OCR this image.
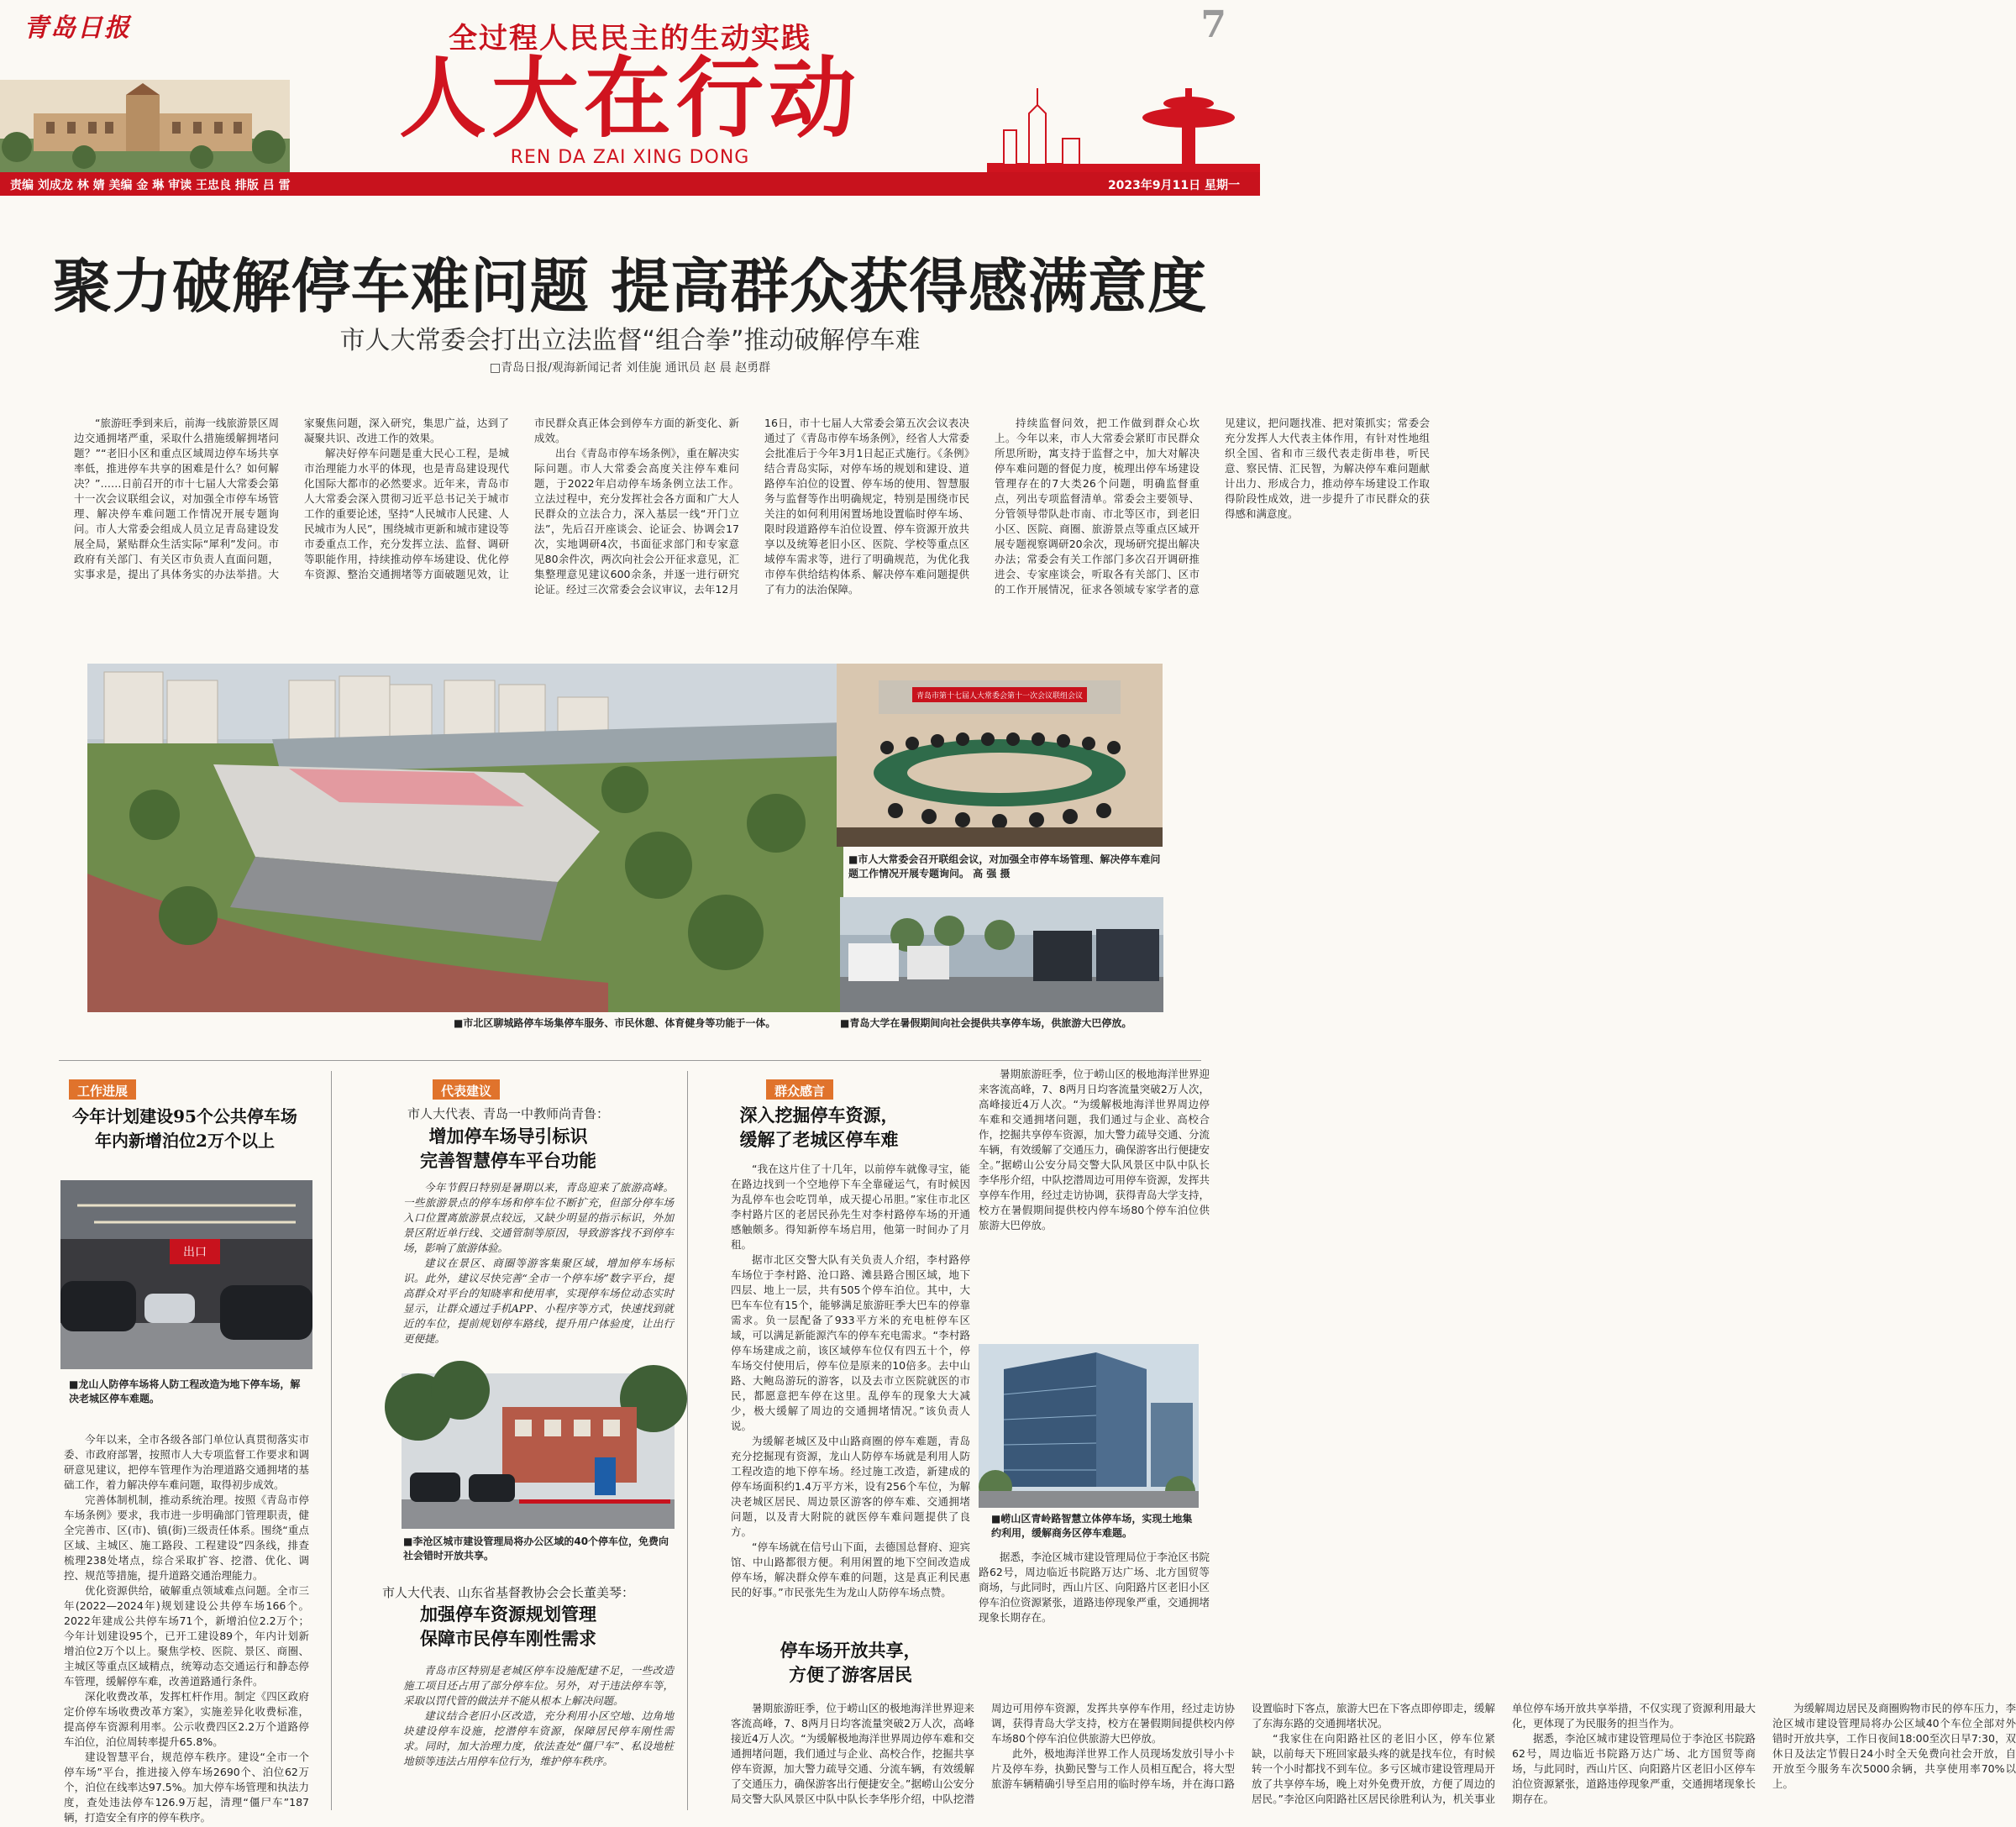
青岛日报	7
全过程人民民主的生动实践
人大在行动
REN DA ZAI XING DONG
责编 刘成龙 林 婧 美编 金 琳 审读 王忠良 排版 吕 雷	2023年9月11日 星期一
聚力破解停车难问题 提高群众获得感满意度
市人大常委会打出立法监督“组合拳”推动破解停车难
□青岛日报/观海新闻记者 刘佳旎 通讯员 赵 晨 赵勇群

“旅游旺季到来后，前海一线旅游景区周边交通拥堵严重，采取什么措施缓解拥堵问题？”“老旧小区和重点区域周边停车场共享率低，推进停车共享的困难是什么？如何解决？”……日前召开的市十七届人大常委会第十一次会议联组会议，对加强全市停车场管理、解决停车难问题工作情况开展专题询问。市人大常委会组成人员立足青岛建设发展全局，紧贴群众生活实际“犀利”发问。市政府有关部门、有关区市负责人直面问题，实事求是，提出了具体务实的办法举措。大家聚焦问题，深入研究，集思广益，达到了凝聚共识、改进工作的效果。

解决好停车问题是重大民心工程，是城市治理能力水平的体现，也是青岛建设现代化国际大都市的必然要求。近年来，青岛市人大常委会深入贯彻习近平总书记关于城市工作的重要论述，坚持“人民城市人民建、人民城市为人民”，围绕城市更新和城市建设等市委重点工作，充分发挥立法、监督、调研等职能作用，持续推动停车场建设、优化停车资源、整治交通拥堵等方面破题见效，让市民群众真正体会到停车方面的新变化、新成效。

出台《青岛市停车场条例》，重在解决实际问题。市人大常委会高度关注停车难问题，于2022年启动停车场条例立法工作。立法过程中，充分发挥社会各方面和广大人民群众的立法合力，深入基层一线“开门立法”，先后召开座谈会、论证会、协调会17次，实地调研4次，书面征求部门和专家意见80余件次，两次向社会公开征求意见，汇集整理意见建议600余条，并逐一进行研究论证。经过三次常委会会议审议，去年12月16日，市十七届人大常委会第五次会议表决通过了《青岛市停车场条例》，经省人大常委会批准后于今年3月1日起正式施行。《条例》结合青岛实际，对停车场的规划和建设、道路停车泊位的设置、停车场的使用、智慧服务与监督等作出明确规定，特别是围绕市民关注的如何利用闲置场地设置临时停车场、限时段道路停车泊位设置、停车资源开放共享以及统筹老旧小区、医院、学校等重点区域停车需求等，进行了明确规范，为优化我市停车供给结构体系、解决停车难问题提供了有力的法治保障。

持续监督问效，把工作做到群众心坎上。今年以来，市人大常委会紧盯市民群众所思所盼，寓支持于监督之中，加大对解决停车难问题的督促力度，梳理出停车场建设管理存在的7大类26个问题，明确监督重点，列出专项监督清单。常委会主要领导、分管领导带队赴市南、市北等区市，到老旧小区、医院、商圈、旅游景点等重点区域开展专题视察调研20余次，现场研究提出解决办法；常委会有关工作部门多次召开调研推进会、专家座谈会，听取各有关部门、区市的工作开展情况，征求各领域专家学者的意见建议，把问题找准、把对策抓实；常委会充分发挥人大代表主体作用，有针对性地组织全国、省和市三级代表走街串巷，听民意、察民情、汇民智，为解决停车难问题献计出力、形成合力，推动停车场建设工作取得阶段性成效，进一步提升了市民群众的获得感和满意度。

■市北区聊城路停车场集停车服务、市民休憩、体育健身等功能于一体。
青岛市第十七届人大常委会第十一次会议联组会议
■市人大常委会召开联组会议，对加强全市停车场管理、解决停车难问题工作情况开展专题询问。 高 强 摄
■青岛大学在暑假期间向社会提供共享停车场，供旅游大巴停放。
工作进展
今年计划建设95个公共停车场
年内新增泊位2万个以上
出口
■龙山人防停车场将人防工程改造为地下停车场，解决老城区停车难题。

今年以来，全市各级各部门单位认真贯彻落实市委、市政府部署，按照市人大专项监督工作要求和调研意见建议，把停车管理作为治理道路交通拥堵的基础工作，着力解决停车难问题，取得初步成效。

完善体制机制，推动系统治理。按照《青岛市停车场条例》要求，我市进一步明确部门管理职责，健全完善市、区(市)、镇(街)三级责任体系。围绕“重点区域、主城区、施工路段、工程建设”四条线，排查梳理238处堵点，综合采取扩容、挖潜、优化、调控、规范等措施，提升道路交通治理能力。

优化资源供给，破解重点领域难点问题。全市三年(2022—2024年)规划建设公共停车场166个。2022年建成公共停车场71个，新增泊位2.2万个；今年计划建设95个，已开工建设89个，年内计划新增泊位2万个以上。聚焦学校、医院、景区、商圈、主城区等重点区域精点，统筹动态交通运行和静态停车管理，缓解停车难，改善道路通行条件。

深化收费改革，发挥杠杆作用。制定《四区政府定价停车场收费改革方案》，实施差异化收费标准，提高停车资源利用率。公示收费四区2.2万个道路停车泊位，泊位周转率提升65.8%。

建设智慧平台，规范停车秩序。建设“全市一个停车场”平台，推进接入停车场2690个、泊位62万个，泊位在线率达97.5%。加大停车场管理和执法力度，查处违法停车126.9万起，清理“僵尸车”187辆，打造安全有序的停车秩序。

代表建议
市人大代表、青岛一中教师尚青鲁：
增加停车场导引标识
完善智慧停车平台功能

今年节假日特别是暑期以来，青岛迎来了旅游高峰。一些旅游景点的停车场和停车位不断扩充，但部分停车场入口位置离旅游景点较远，又缺少明显的指示标识，外加景区附近单行线、交通管制等原因，导致游客找不到停车场，影响了旅游体验。

建议在景区、商圈等游客集聚区域，增加停车场标识。此外，建议尽快完善“全市一个停车场”数字平台，提高群众对平台的知晓率和使用率，实现停车场位动态实时显示，让群众通过手机APP、小程序等方式，快速找到就近的车位，提前规划停车路线，提升用户体验度，让出行更便捷。

■李沧区城市建设管理局将办公区域的40个停车位，免费向社会错时开放共享。
市人大代表、山东省基督教协会会长董美琴：
加强停车资源规划管理
保障市民停车刚性需求

青岛市区特别是老城区停车设施配建不足，一些改造施工项目还占用了部分停车位。另外，对于违法停车等，采取以罚代管的做法并不能从根本上解决问题。

建议结合老旧小区改造，充分利用小区空地、边角地块建设停车设施，挖潜停车资源，保障居民停车刚性需求。同时，加大治理力度，依法查处“僵尸车”、私设地桩地锁等违法占用停车位行为，维护停车秩序。

群众感言
深入挖掘停车资源，
缓解了老城区停车难

“我在这片住了十几年，以前停车就像寻宝，能在路边找到一个空地停下车全靠碰运气，有时候因为乱停车也会吃罚单，成天提心吊胆。”家住市北区李村路片区的老居民孙先生对李村路停车场的开通感触颇多。得知新停车场启用，他第一时间办了月租。

据市北区交警大队有关负责人介绍，李村路停车场位于李村路、沧口路、滩县路合围区域，地下四层、地上一层，共有505个停车泊位。其中，大巴车车位有15个，能够满足旅游旺季大巴车的停靠需求。负一层配备了933平方米的充电桩停车区域，可以满足新能源汽车的停车充电需求。“李村路停车场建成之前，该区域停车位仅有四五十个，停车场交付使用后，停车位是原来的10倍多。去中山路、大鲍岛游玩的游客，以及去市立医院就医的市民，都愿意把车停在这里。乱停车的现象大大减少，极大缓解了周边的交通拥堵情况。”该负责人说。

为缓解老城区及中山路商圈的停车难题，青岛充分挖掘现有资源，龙山人防停车场就是利用人防工程改造的地下停车场。经过施工改造，新建成的停车场面积约1.4万平方米，设有256个车位，为解决老城区居民、周边景区游客的停车难、交通拥堵问题，以及青大附院的就医停车难问题提供了良方。

“停车场就在信号山下面，去德国总督府、迎宾馆、中山路都很方便。利用闲置的地下空间改造成停车场，解决群众停车难的问题，这是真正利民惠民的好事。”市民张先生为龙山人防停车场点赞。

停车场开放共享，
方便了游客居民

暑期旅游旺季，位于崂山区的极地海洋世界迎来客流高峰，7、8两月日均客流量突破2万人次，高峰接近4万人次。“为缓解极地海洋世界周边停车难和交通拥堵问题，我们通过与企业、高校合作，挖掘共享停车资源，加大警力疏导交通、分流车辆，有效缓解了交通压力，确保游客出行便捷安全。”据崂山公安分局交警大队风景区中队中队长李华彤介绍，中队挖潜周边可用停车资源，发挥共享停车作用，经过走访协调，获得青岛大学支持，校方在暑假期间提供校内停车场80个停车泊位供旅游大巴停放。

此外，极地海洋世界工作人员现场发放引导小卡片及停车券，执勤民警与工作人员相互配合，将大型旅游车辆精确引导至启用的临时停车场，并在海口路设置临时下客点，旅游大巴在下客点即停即走，缓解了东海东路的交通拥堵状况。

“我家住在向阳路社区的老旧小区，停车位紧缺，以前每天下班回家最头疼的就是找车位，有时候转一个小时都找不到车位。多亏区城市建设管理局开放了共享停车场，晚上对外免费开放，方便了周边的居民。”李沧区向阳路社区居民徐胜利认为，机关事业单位停车场开放共享举措，不仅实现了资源利用最大化，更体现了为民服务的担当作为。

据悉，李沧区城市建设管理局位于李沧区书院路62号，周边临近书院路万达广场、北方国贸等商场，与此同时，西山片区、向阳路片区老旧小区停车泊位资源紧张，道路违停现象严重，交通拥堵现象长期存在。

为缓解周边居民及商圈购物市民的停车压力，李沧区城市建设管理局将办公区域40个车位全部对外错时开放共享，工作日夜间18:00至次日早7:30，双休日及法定节假日24小时全天免费向社会开放，自开放至今服务车次5000余辆，共享使用率70%以上。

暑期旅游旺季，位于崂山区的极地海洋世界迎来客流高峰，7、8两月日均客流量突破2万人次，高峰接近4万人次。“为缓解极地海洋世界周边停车难和交通拥堵问题，我们通过与企业、高校合作，挖掘共享停车资源，加大警力疏导交通、分流车辆，有效缓解了交通压力，确保游客出行便捷安全。”据崂山公安分局交警大队风景区中队中队长李华彤介绍，中队挖潜周边可用停车资源，发挥共享停车作用，经过走访协调，获得青岛大学支持，校方在暑假期间提供校内停车场80个停车泊位供旅游大巴停放。

■崂山区青岭路智慧立体停车场，实现土地集约利用，缓解商务区停车难题。

据悉，李沧区城市建设管理局位于李沧区书院路62号，周边临近书院路万达广场、北方国贸等商场，与此同时，西山片区、向阳路片区老旧小区停车泊位资源紧张，道路违停现象严重，交通拥堵现象长期存在。
